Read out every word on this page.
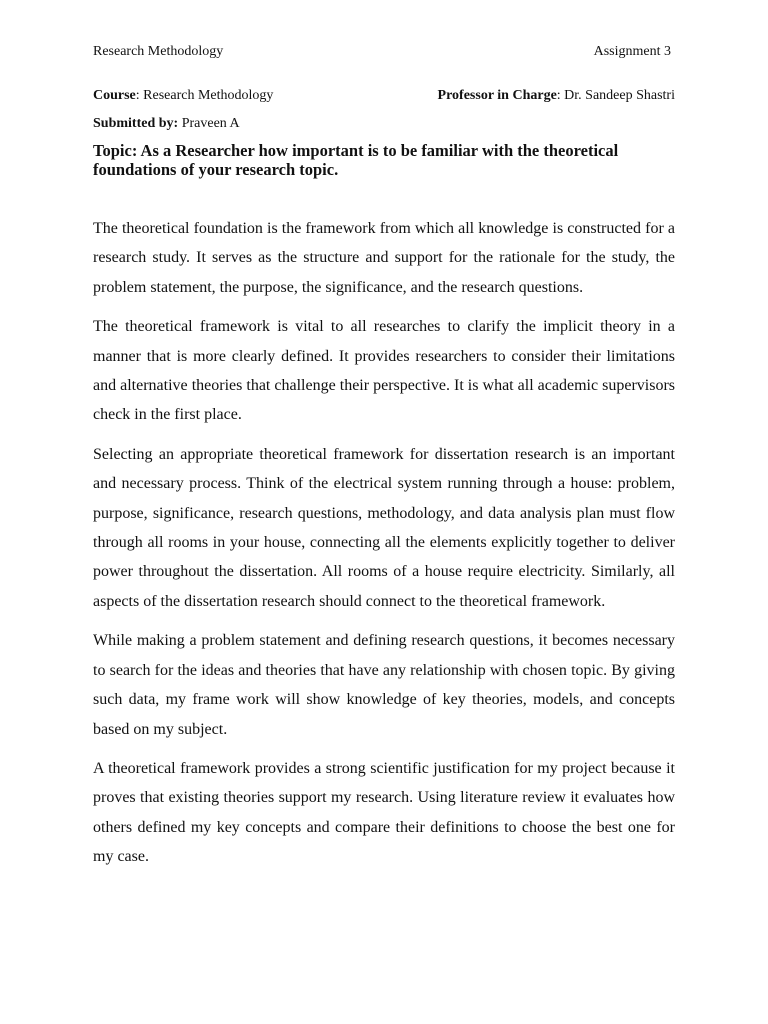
Research Methodology	Assignment 3
Course: Research Methodology	Professor in Charge: Dr. Sandeep Shastri
Submitted by: Praveen A
Topic: As a Researcher how important is to be familiar with the theoretical foundations of your research topic.

The theoretical foundation is the framework from which all knowledge is constructed for a research study. It serves as the structure and support for the rationale for the study, the problem statement, the purpose, the significance, and the research questions.

The theoretical framework is vital to all researches to clarify the implicit theory in a manner that is more clearly defined. It provides researchers to consider their limitations and alternative theories that challenge their perspective. It is what all academic supervisors check in the first place.

Selecting an appropriate theoretical framework for dissertation research is an important and necessary process. Think of the electrical system running through a house: problem, purpose, significance, research questions, methodology, and data analysis plan must flow through all rooms in your house, connecting all the elements explicitly together to deliver power throughout the dissertation. All rooms of a house require electricity. Similarly, all aspects of the dissertation research should connect to the theoretical framework.

While making a problem statement and defining research questions, it becomes necessary to search for the ideas and theories that have any relationship with chosen topic. By giving such data, my frame work will show knowledge of key theories, models, and concepts based on my subject.

A theoretical framework provides a strong scientific justification for my project because it proves that existing theories support my research. Using literature review it evaluates how others defined my key concepts and compare their definitions to choose the best one for my case.
